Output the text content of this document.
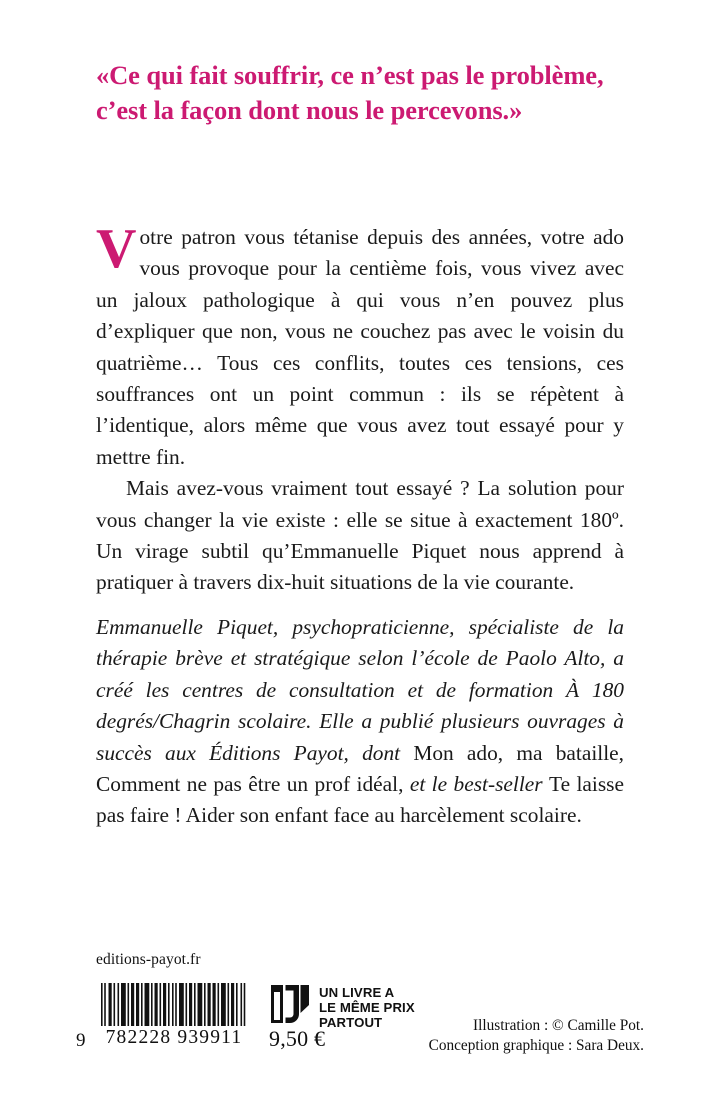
«Ce qui fait souffrir, ce n’est pas le problème,
c’est la façon dont nous le percevons.»

Votre patron vous tétanise depuis des années, votre ado vous provoque pour la centième fois, vous vivez avec un jaloux pathologique à qui vous n’en pouvez plus d’expliquer que non, vous ne couchez pas avec le voisin du quatrième… Tous ces conflits, toutes ces tensions, ces souffrances ont un point commun : ils se répètent à l’identique, alors même que vous avez tout essayé pour y mettre fin.

Mais avez-vous vraiment tout essayé ? La solution pour vous changer la vie existe : elle se situe à exactement 180º. Un virage subtil qu’Emmanuelle Piquet nous apprend à pratiquer à travers dix-huit situations de la vie courante.

Emmanuelle Piquet, psychopraticienne, spécialiste de la thérapie brève et stratégique selon l’école de Paolo Alto, a créé les centres de consultation et de formation À 180 degrés/Chagrin scolaire. Elle a publié plusieurs ouvrages à succès aux Éditions Payot, dont Mon ado, ma bataille, Comment ne pas être un prof idéal, et le best-seller Te laisse pas faire ! Aider son enfant face au harcèlement scolaire.

editions-payot.fr
9	782228 939911
UN LIVRE A
LE MÊME PRIX
PARTOUT
9,50 €
Illustration : © Camille Pot.
Conception graphique : Sara Deux.
